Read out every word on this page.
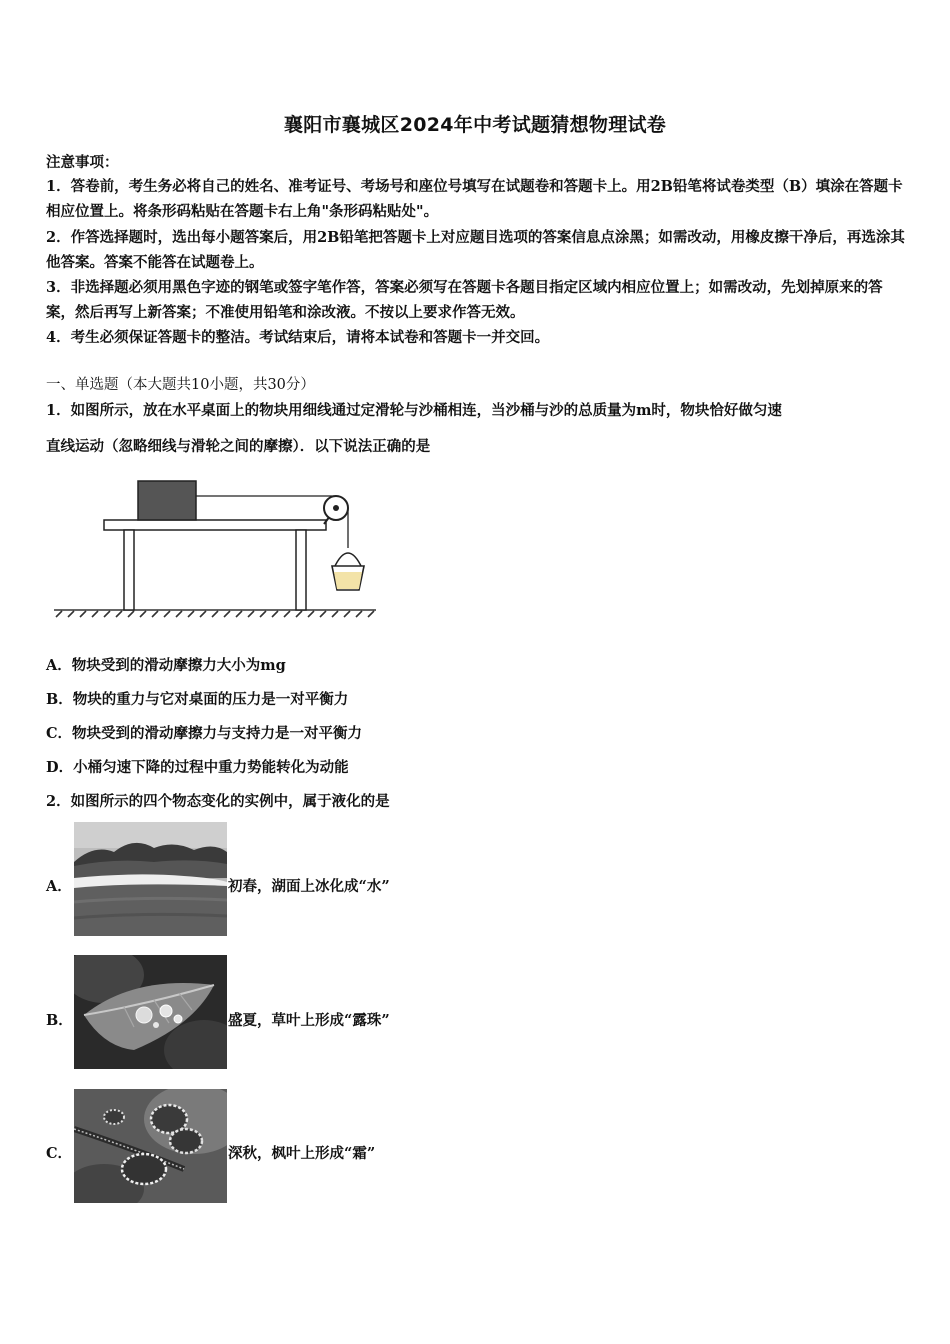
襄阳市襄城区2024年中考试题猜想物理试卷
注意事项：
1．答卷前，考生务必将自己的姓名、准考证号、考场号和座位号填写在试题卷和答题卡上。用2B铅笔将试卷类型（B）填涂在答题卡相应位置上。将条形码粘贴在答题卡右上角"条形码粘贴处"。
2．作答选择题时，选出每小题答案后，用2B铅笔把答题卡上对应题目选项的答案信息点涂黑；如需改动，用橡皮擦干净后，再选涂其他答案。答案不能答在试题卷上。
3．非选择题必须用黑色字迹的钢笔或签字笔作答，答案必须写在答题卡各题目指定区域内相应位置上；如需改动，先划掉原来的答案，然后再写上新答案；不准使用铅笔和涂改液。不按以上要求作答无效。
4．考生必须保证答题卡的整洁。考试结束后，请将本试卷和答题卡一并交回。
一、单选题（本大题共10小题，共30分）
1．如图所示，放在水平桌面上的物块用细线通过定滑轮与沙桶相连，当沙桶与沙的总质量为m时，物块恰好做匀速
直线运动（忽略细线与滑轮之间的摩擦）．以下说法正确的是
A．物块受到的滑动摩擦力大小为mg
B．物块的重力与它对桌面的压力是一对平衡力
C．物块受到的滑动摩擦力与支持力是一对平衡力
D．小桶匀速下降的过程中重力势能转化为动能
2．如图所示的四个物态变化的实例中，属于液化的是
A．	初春，湖面上冰化成“水”
B．	盛夏，草叶上形成“露珠”
C．	深秋，枫叶上形成“霜”
